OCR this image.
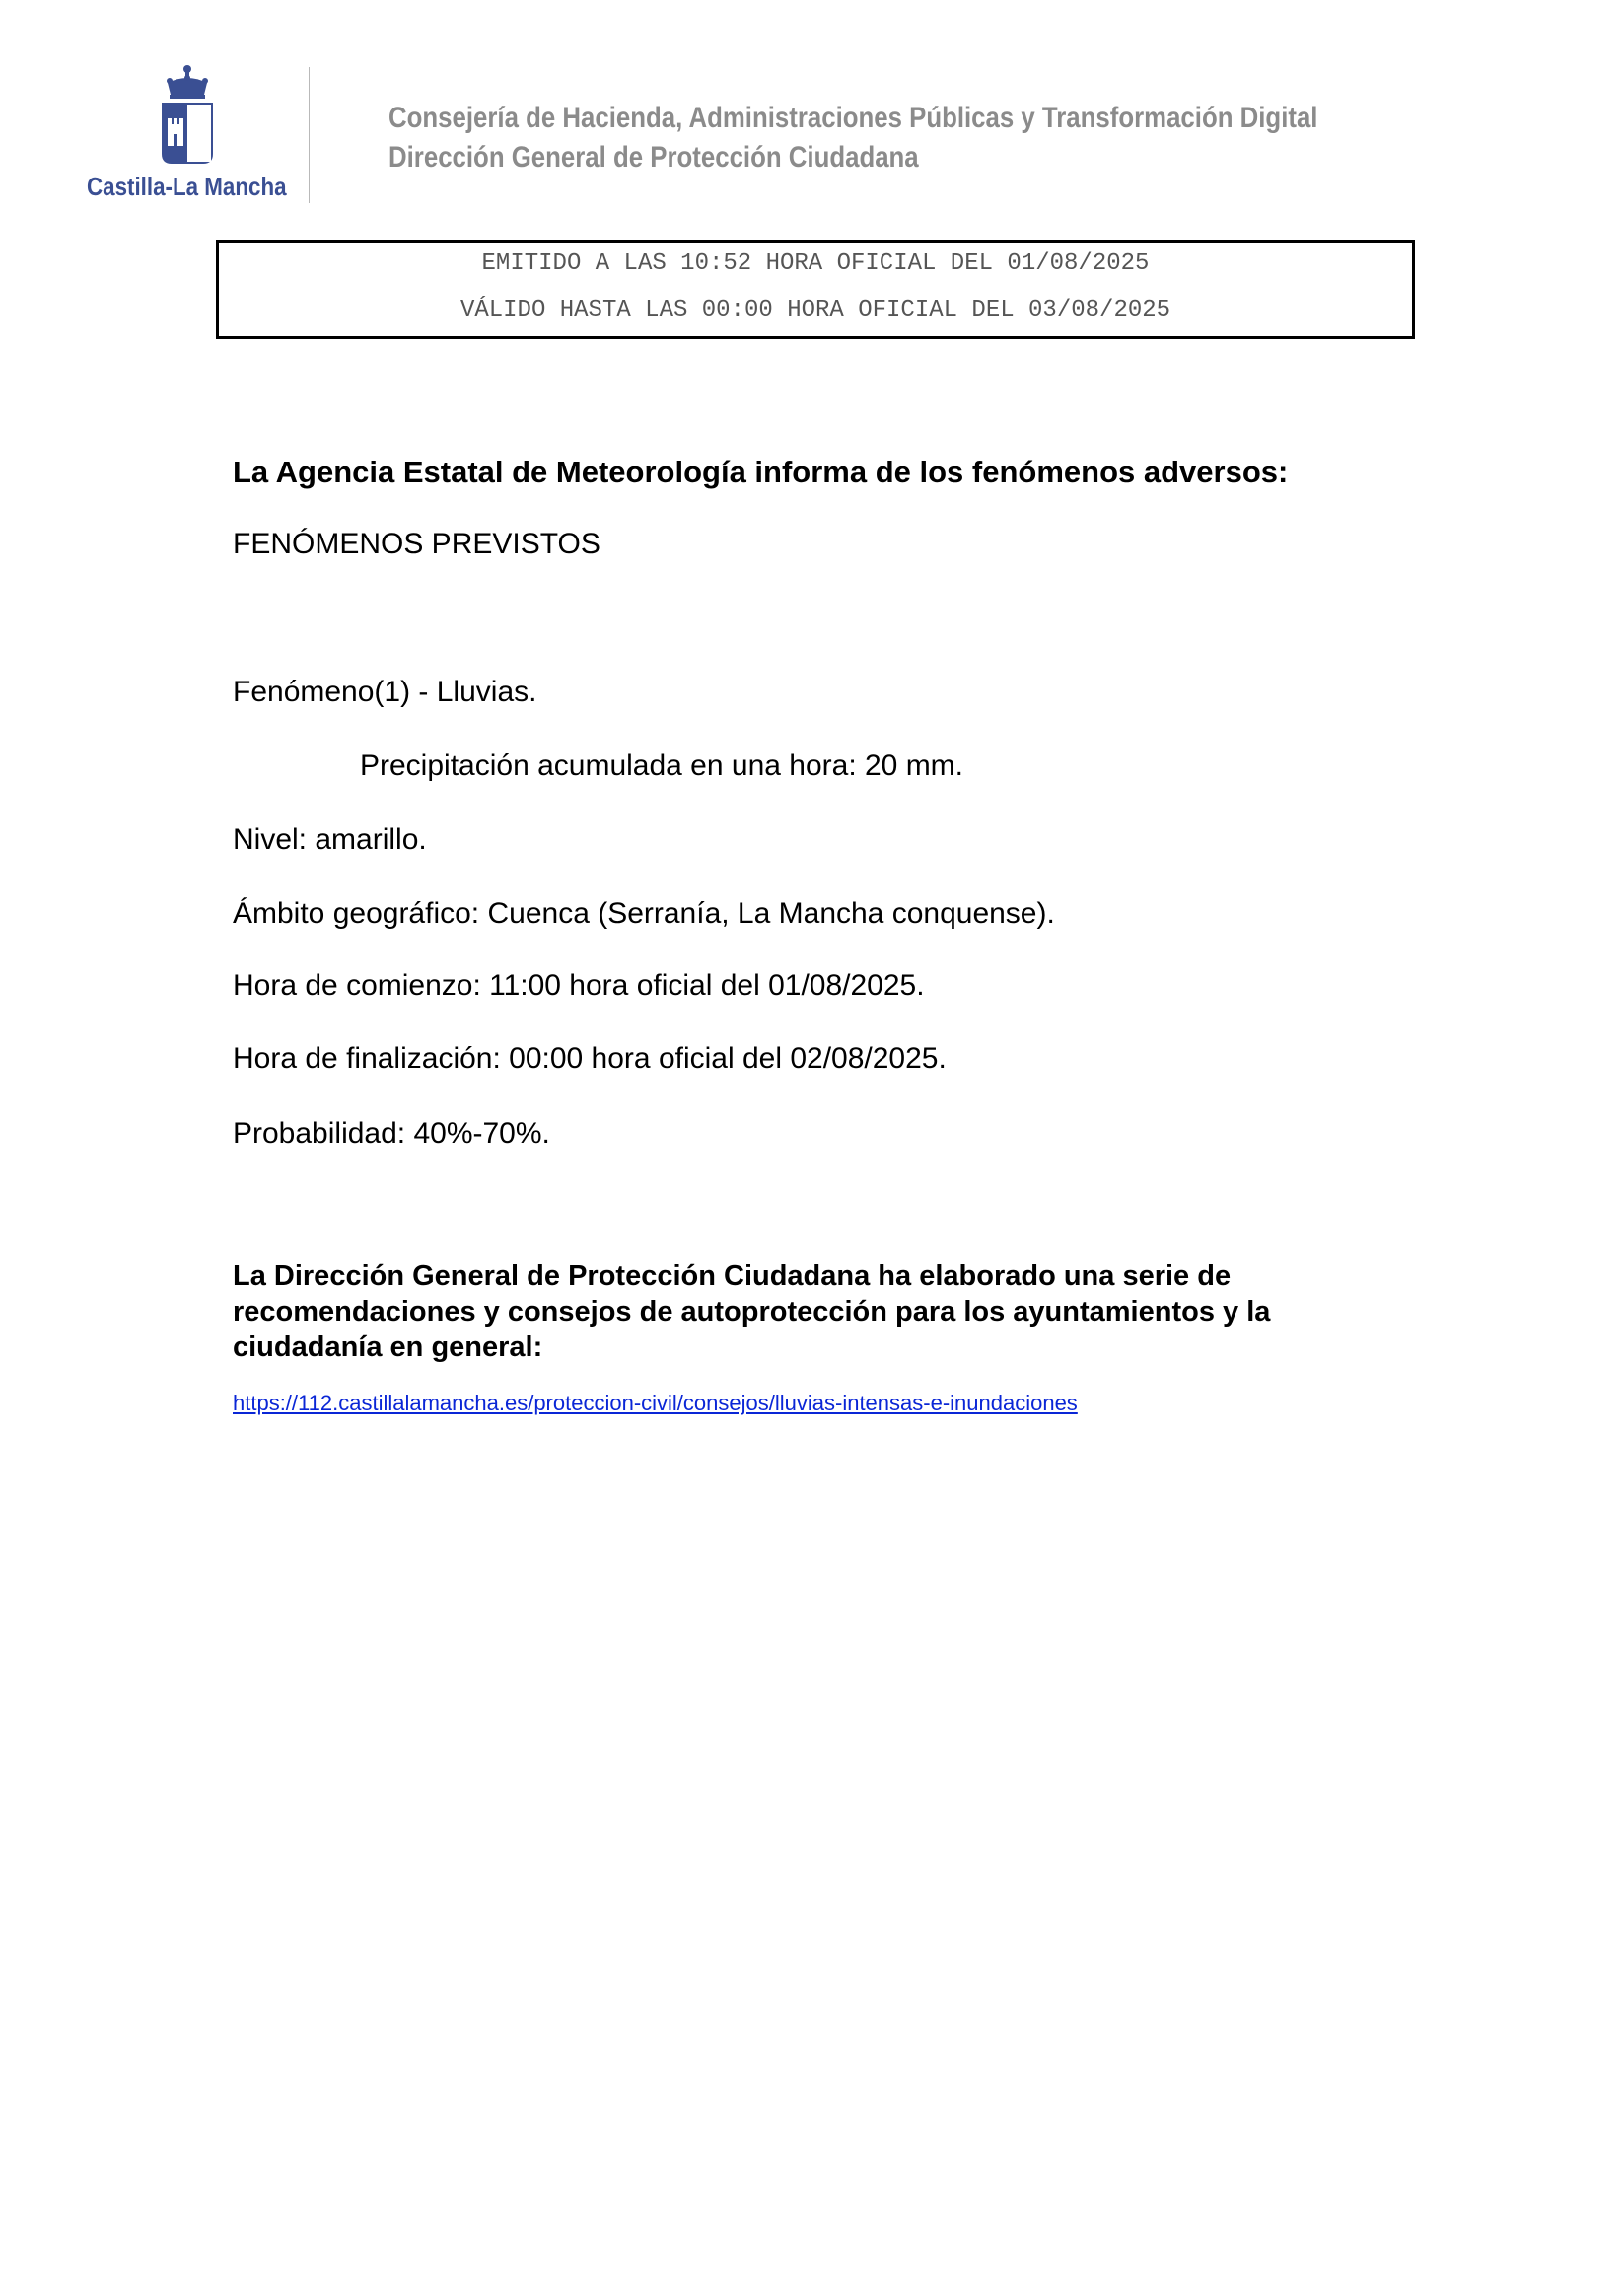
Castilla-La Mancha
Consejería de Hacienda, Administraciones Públicas y Transformación Digital
Dirección General de Protección Ciudadana
EMITIDO A LAS 10:52 HORA OFICIAL DEL 01/08/2025
VÁLIDO HASTA LAS 00:00 HORA OFICIAL DEL 03/08/2025
La Agencia Estatal de Meteorología informa de los fenómenos adversos:
FENÓMENOS PREVISTOS
Fenómeno(1) - Lluvias.
Precipitación acumulada en una hora: 20 mm.
Nivel: amarillo.
Ámbito geográfico: Cuenca (Serranía, La Mancha conquense).
Hora de comienzo: 11:00 hora oficial del 01/08/2025.
Hora de finalización: 00:00 hora oficial del 02/08/2025.
Probabilidad: 40%-70%.
La Dirección General de Protección Ciudadana ha elaborado una serie de recomendaciones y consejos de autoprotección para los ayuntamientos y la ciudadanía en general:
https://112.castillalamancha.es/proteccion-civil/consejos/lluvias-intensas-e-inundaciones
